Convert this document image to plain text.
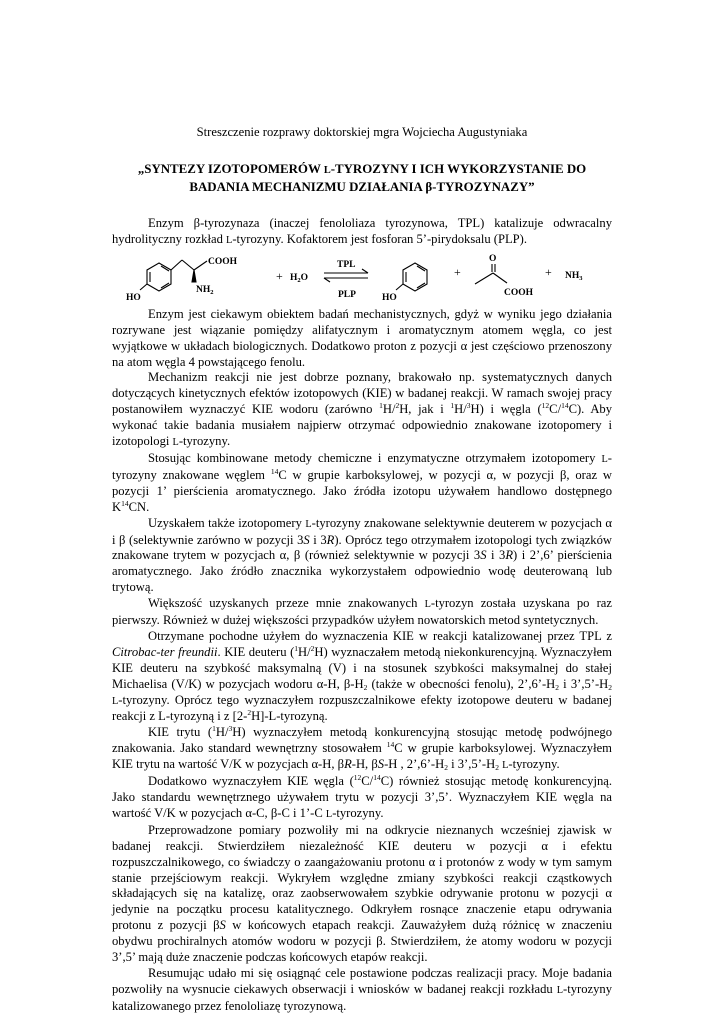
Streszczenie rozprawy doktorskiej mgra Wojciecha Augustyniaka

„SYNTEZY IZOTOPOMERÓW L-TYROZYNY I ICH WYKORZYSTANIE DO
BADANIA MECHANIZMU DZIAŁANIA β-TYROZYNAZY”

Enzym β-tyrozynaza (inaczej fenololiaza tyrozynowa, TPL) katalizuje odwracalny hydrolityczny rozkład L-tyrozyny. Kofaktorem jest fosforan 5’-pirydoksalu (PLP).

COOH
$NH_2$
HO
+ $H_2O$
TPL
PLP	HO
+
O
COOH
+ $NH_3$

Enzym jest ciekawym obiektem badań mechanistycznych, gdyż w wyniku jego działania rozrywane jest wiązanie pomiędzy alifatycznym i aromatycznym atomem węgla, co jest wyjątkowe w układach biologicznych. Dodatkowo proton z pozycji α jest częściowo przenoszony na atom węgla 4 powstającego fenolu.

Mechanizm reakcji nie jest dobrze poznany, brakowało np. systematycznych danych dotyczących kinetycznych efektów izotopowych (KIE) w badanej reakcji. W ramach swojej pracy postanowiłem wyznaczyć KIE wodoru (zarówno $^1$H/$^2$H, jak i $^1$H/$^3$H) i węgla ($^{12}$C/$^{14}$C). Aby wykonać takie badania musiałem najpierw otrzymać odpowiednio znakowane izotopomery i izotopologi L-tyrozyny.

Stosując kombinowane metody chemiczne i enzymatyczne otrzymałem izotopomery L-tyrozyny znakowane węglem $^{14}$C w grupie karboksylowej, w pozycji α, w pozycji β, oraz w pozycji 1’ pierścienia aromatycznego. Jako źródła izotopu używałem handlowo dostępnego $K^{14}CN$.

Uzyskałem także izotopomery L-tyrozyny znakowane selektywnie deuterem w pozycjach α i β (selektywnie zarówno w pozycji 3S i 3R). Oprócz tego otrzymałem izotopologi tych związków znakowane trytem w pozycjach α, β (również selektywnie w pozycji 3S i 3R) i 2’,6’ pierścienia aromatycznego. Jako źródło znacznika wykorzystałem odpowiednio wodę deuterowaną lub trytową.

Większość uzyskanych przeze mnie znakowanych L-tyrozyn została uzyskana po raz pierwszy. Również w dużej większości przypadków użyłem nowatorskich metod syntetycznych.

Otrzymane pochodne użyłem do wyznaczenia KIE w reakcji katalizowanej przez TPL z Citrobac-ter freundii. KIE deuteru ($^1$H/$^2$H) wyznaczałem metodą niekonkurencyjną. Wyznaczyłem KIE deuteru na szybkość maksymalną (V) i na stosunek szybkości maksymalnej do stałej Michaelisa (V/K) w pozycjach wodoru α-H, $\beta-H_2$ (także w obecności fenolu), $2’,6’-H_2$ i $3’,5’-H_2$ L-tyrozyny. Oprócz tego wyznaczyłem rozpuszczalnikowe efekty izotopowe deuteru w badanej reakcji z L-tyrozyną i z [2-$^2$H]-L-tyrozyną.

KIE trytu ($^1$H/$^3$H) wyznaczyłem metodą konkurencyjną stosując metodę podwójnego znakowania. Jako standard wewnętrzny stosowałem $^{14}$C w grupie karboksylowej. Wyznaczyłem KIE trytu na wartość V/K w pozycjach α-H, βR-H, βS-H , $2’,6’-H_2$ i $3’,5’-H_2$ L-tyrozyny.

Dodatkowo wyznaczyłem KIE węgla ($^{12}$C/$^{14}$C) również stosując metodę konkurencyjną. Jako standardu wewnętrznego używałem trytu w pozycji 3’,5’. Wyznaczyłem KIE węgla na wartość V/K w pozycjach α-C, β-C i 1’-C L-tyrozyny.

Przeprowadzone pomiary pozwoliły mi na odkrycie nieznanych wcześniej zjawisk w badanej reakcji. Stwierdziłem niezależność KIE deuteru w pozycji α i efektu rozpuszczalnikowego, co świadczy o zaangażowaniu protonu α i protonów z wody w tym samym stanie przejściowym reakcji. Wykryłem względne zmiany szybkości reakcji cząstkowych składających się na katalizę, oraz zaobserwowałem szybkie odrywanie protonu w pozycji α jedynie na początku procesu katalitycznego. Odkryłem rosnące znaczenie etapu odrywania protonu z pozycji βS w końcowych etapach reakcji. Zauważyłem dużą różnicę w znaczeniu obydwu prochiralnych atomów wodoru w pozycji β. Stwierdziłem, że atomy wodoru w pozycji 3’,5’ mają duże znaczenie podczas końcowych etapów reakcji.

Resumując udało mi się osiągnąć cele postawione podczas realizacji pracy. Moje badania pozwoliły na wysnucie ciekawych obserwacji i wniosków w badanej reakcji rozkładu L-tyrozyny katalizowanego przez fenololiazę tyrozynową.
